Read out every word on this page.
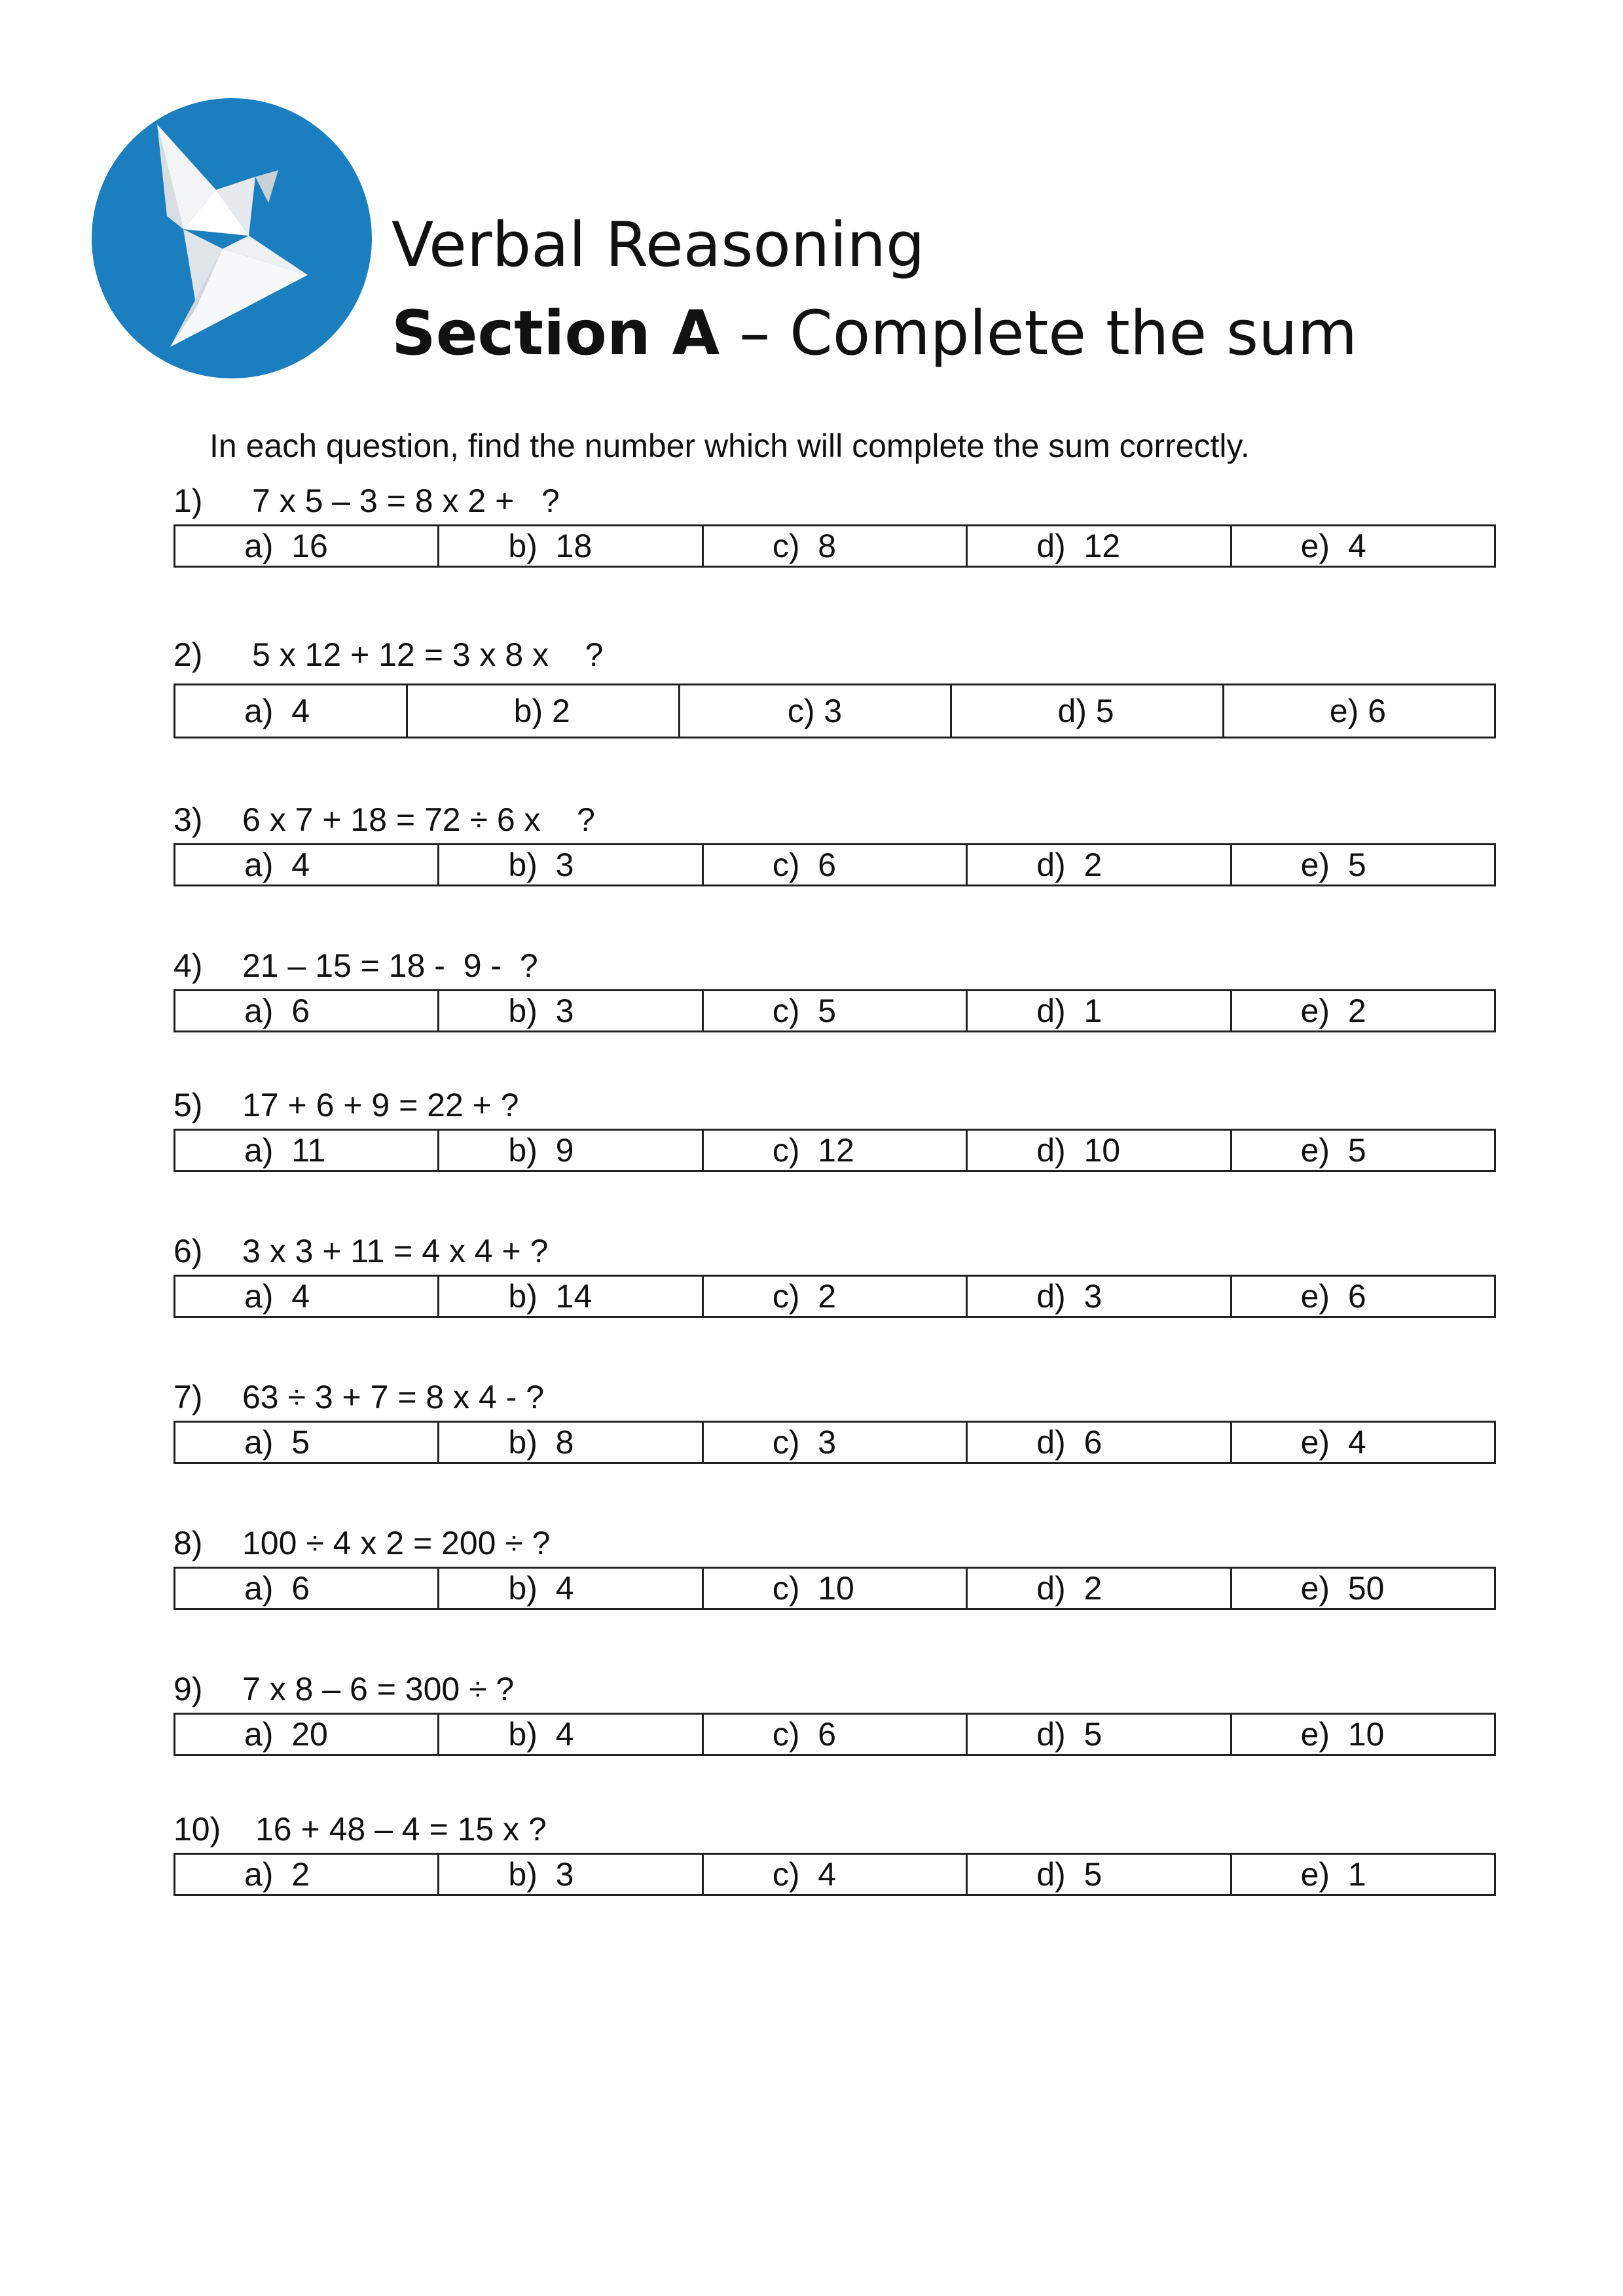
Verbal Reasoning
Section A – Complete the sum
In each question, find the number which will complete the sum correctly.
1) 7 x 5 – 3 = 8 x 2 +   ?
a)  16	b)  18	c)  8	d)  12	e)  4
2) 5 x 12 + 12 = 3 x 8 x    ?
a)  4	b) 2	c) 3	d) 5	e) 6
3) 6 x 7 + 18 = 72 ÷ 6 x    ?
a)  4	b)  3	c)  6	d)  2	e)  5
4) 21 – 15 = 18 -  9 -  ?
a)  6	b)  3	c)  5	d)  1	e)  2
5) 17 + 6 + 9 = 22 + ?
a)  11	b)  9	c)  12	d)  10	e)  5
6) 3 x 3 + 11 = 4 x 4 + ?
a)  4	b)  14	c)  2	d)  3	e)  6
7) 63 ÷ 3 + 7 = 8 x 4 - ?
a)  5	b)  8	c)  3	d)  6	e)  4
8) 100 ÷ 4 x 2 = 200 ÷ ?
a)  6	b)  4	c)  10	d)  2	e)  50
9) 7 x 8 – 6 = 300 ÷ ?
a)  20	b)  4	c)  6	d)  5	e)  10
10) 16 + 48 – 4 = 15 x ?
a)  2	b)  3	c)  4	d)  5	e)  1
